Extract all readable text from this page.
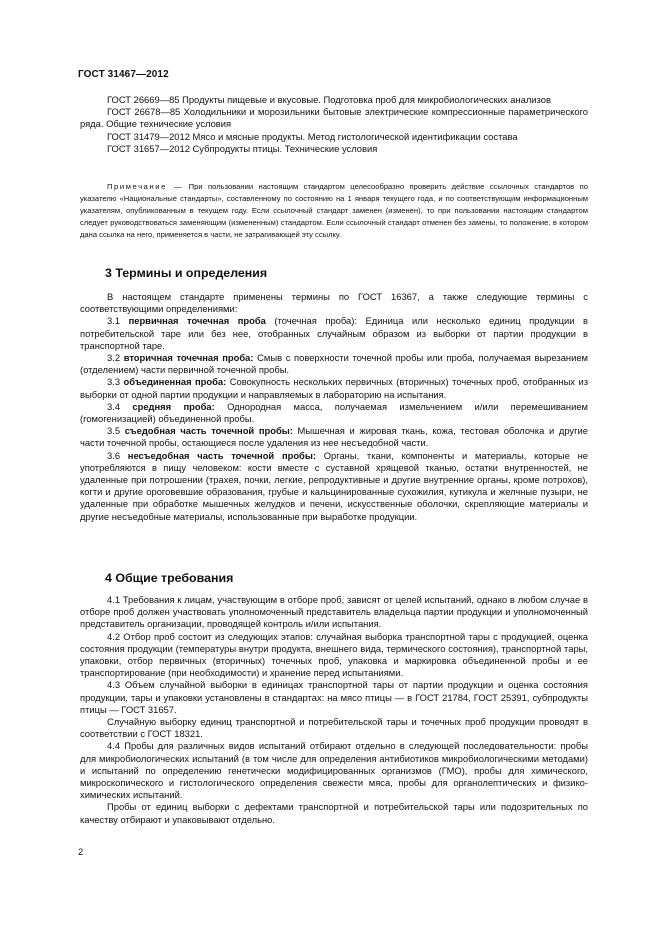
ГОСТ 31467—2012

ГОСТ 26669—85 Продукты пищевые и вкусовые. Подготовка проб для микробиологических анализов

ГОСТ 26678—85 Холодильники и морозильники бытовые электрические компрессионные параметрического ряда. Общие технические условия

ГОСТ 31479—2012 Мясо и мясные продукты. Метод гистологической идентификации состава

ГОСТ 31657—2012 Субпродукты птицы. Технические условия

Примечание — При пользовании настоящим стандартом целесообразно проверить действие ссылочных стандартов по указателю «Национальные стандарты», составленному по состоянию на 1 января текущего года, и по соответствующим информационным указателям, опубликованным в текущем году. Если ссылочный стандарт заменен (изменен), то при пользовании настоящим стандартом следует руководствоваться заменяющим (измененным) стандартом. Если ссылочный стандарт отменен без замены, то положение, в котором дана ссылка на него, применяется в части, не затрагивающей эту ссылку.

3 Термины и определения

В настоящем стандарте применены термины по ГОСТ 16367, а также следующие термины с соответствующими определениями:

3.1 первичная точечная проба (точечная проба): Единица или несколько единиц продукции в потребительской таре или без нее, отобранных случайным образом из выборки от партии продукции в транспортной таре.

3.2 вторичная точечная проба: Смыв с поверхности точечной пробы или проба, получаемая вырезанием (отделением) части первичной точечной пробы.

3.3 объединенная проба: Совокупность нескольких первичных (вторичных) точечных проб, отобранных из выборки от одной партии продукции и направляемых в лабораторию на испытания.

3.4 средняя проба: Однородная масса, получаемая измельчением и/или перемешиванием (гомогенизацией) объединенной пробы.

3.5 съедобная часть точечной пробы: Мышечная и жировая ткань, кожа, тестовая оболочка и другие части точечной пробы, остающиеся после удаления из нее несъедобной части.

3.6 несъедобная часть точечной пробы: Органы, ткани, компоненты и материалы, которые не употребляются в пищу человеком: кости вместе с суставной хрящевой тканью, остатки внутренностей, не удаленные при потрошении (трахея, почки, легкие, репродуктивные и другие внутренние органы, кроме потрохов), когти и другие ороговевшие образования, грубые и кальцинированные сухожилия, кутикула и желчные пузыри, не удаленные при обработке мышечных желудков и печени, искусственные оболочки, скрепляющие материалы и другие несъедобные материалы, использованные при выработке продукции.

4 Общие требования

4.1 Требования к лицам, участвующим в отборе проб, зависят от целей испытаний, однако в любом случае в отборе проб должен участвовать уполномоченный представитель владельца партии продукции и уполномоченный представитель организации, проводящей контроль и/или испытания.

4.2 Отбор проб состоит из следующих этапов: случайная выборка транспортной тары с продукцией, оценка состояния продукции (температуры внутри продукта, внешнего вида, термического состояния), транспортной тары, упаковки, отбор первичных (вторичных) точечных проб, упаковка и маркировка объединенной пробы и ее транспортирование (при необходимости) и хранение перед испытаниями.

4.3 Объем случайной выборки в единицах транспортной тары от партии продукции и оценка состояния продукции, тары и упаковки установлены в стандартах: на мясо птицы — в ГОСТ 21784, ГОСТ 25391, субпродукты птицы — ГОСТ 31657.

Случайную выборку единиц транспортной и потребительской тары и точечных проб продукции проводят в соответствии с ГОСТ 18321.

4.4 Пробы для различных видов испытаний отбирают отдельно в следующей последовательности: пробы для микробиологических испытаний (в том числе для определения антибиотиков микробиологическими методами) и испытаний по определению генетически модифицированных организмов (ГМО), пробы для химического, микроскопического и гистологического определения свежести мяса, пробы для органолептических и физико-химических испытаний.

Пробы от единиц выборки с дефектами транспортной и потребительской тары или подозрительных по качеству отбирают и упаковывают отдельно.

2
